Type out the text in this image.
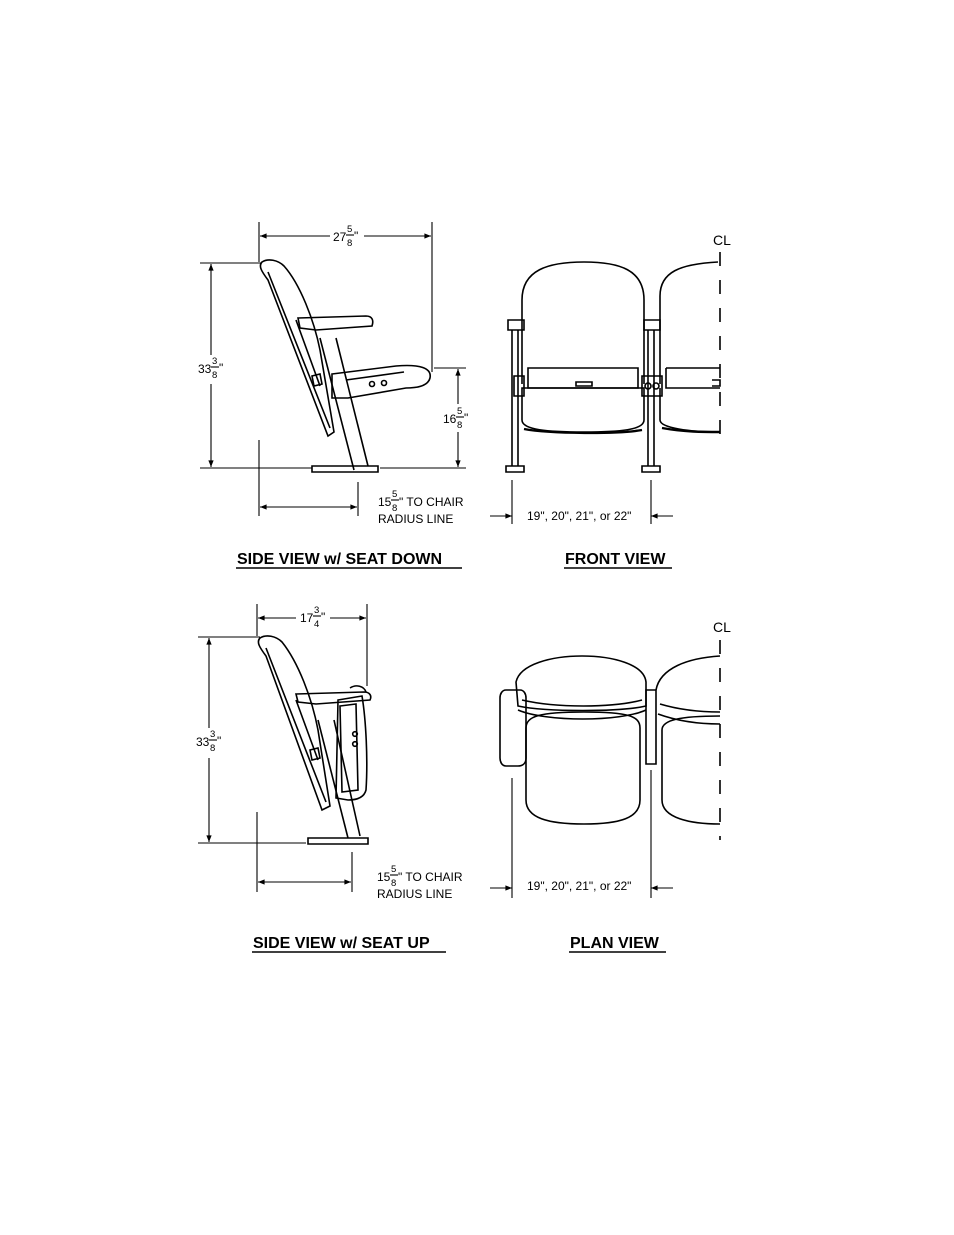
27
5
8
"
33
3
8
"
16
5
8
"
15
5
8 " TO CHAIR
RADIUS LINE
SIDE VIEW w/ SEAT DOWN
CL
19", 20", 21", or 22"
FRONT VIEW
17
3
4
"
33
3
8
"
15
5
8 " TO CHAIR
RADIUS LINE
SIDE VIEW w/ SEAT UP
CL
19", 20", 21", or 22"
PLAN VIEW
